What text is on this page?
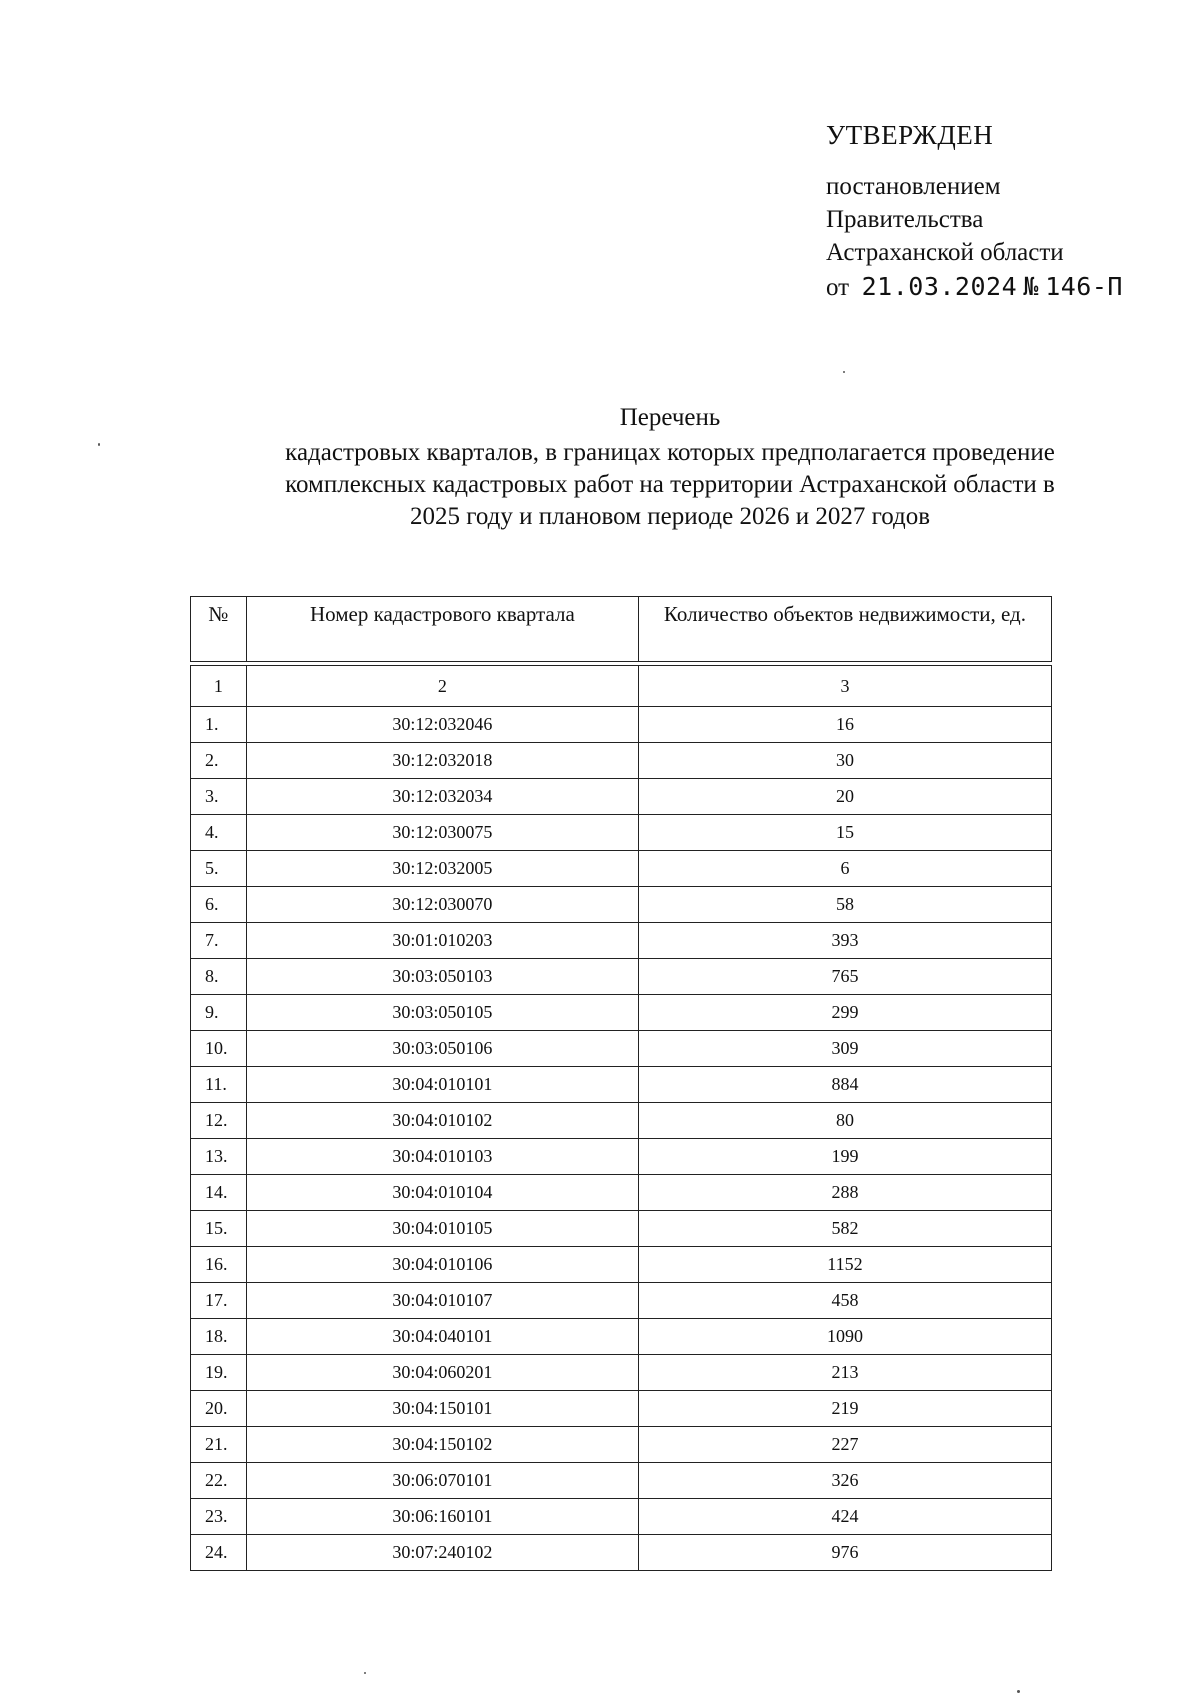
УТВЕРЖДЕН

постановлением

Правительства

Астраханской области

от 21.03.2024 № 146-П

Перечень

кадастровых кварталов, в границах которых предполагается проведение

комплексных кадастровых работ на территории Астраханской области в

2025 году и плановом периоде 2026 и 2027 годов

№	Номер кадастрового квартала	Количество объектов недвижимости, ед.

1	2	3
1.	30:12:032046	16
2.	30:12:032018	30
3.	30:12:032034	20
4.	30:12:030075	15
5.	30:12:032005	6
6.	30:12:030070	58
7.	30:01:010203	393
8.	30:03:050103	765
9.	30:03:050105	299
10.	30:03:050106	309
11.	30:04:010101	884
12.	30:04:010102	80
13.	30:04:010103	199
14.	30:04:010104	288
15.	30:04:010105	582
16.	30:04:010106	1152
17.	30:04:010107	458
18.	30:04:040101	1090
19.	30:04:060201	213
20.	30:04:150101	219
21.	30:04:150102	227
22.	30:06:070101	326
23.	30:06:160101	424
24.	30:07:240102	976
